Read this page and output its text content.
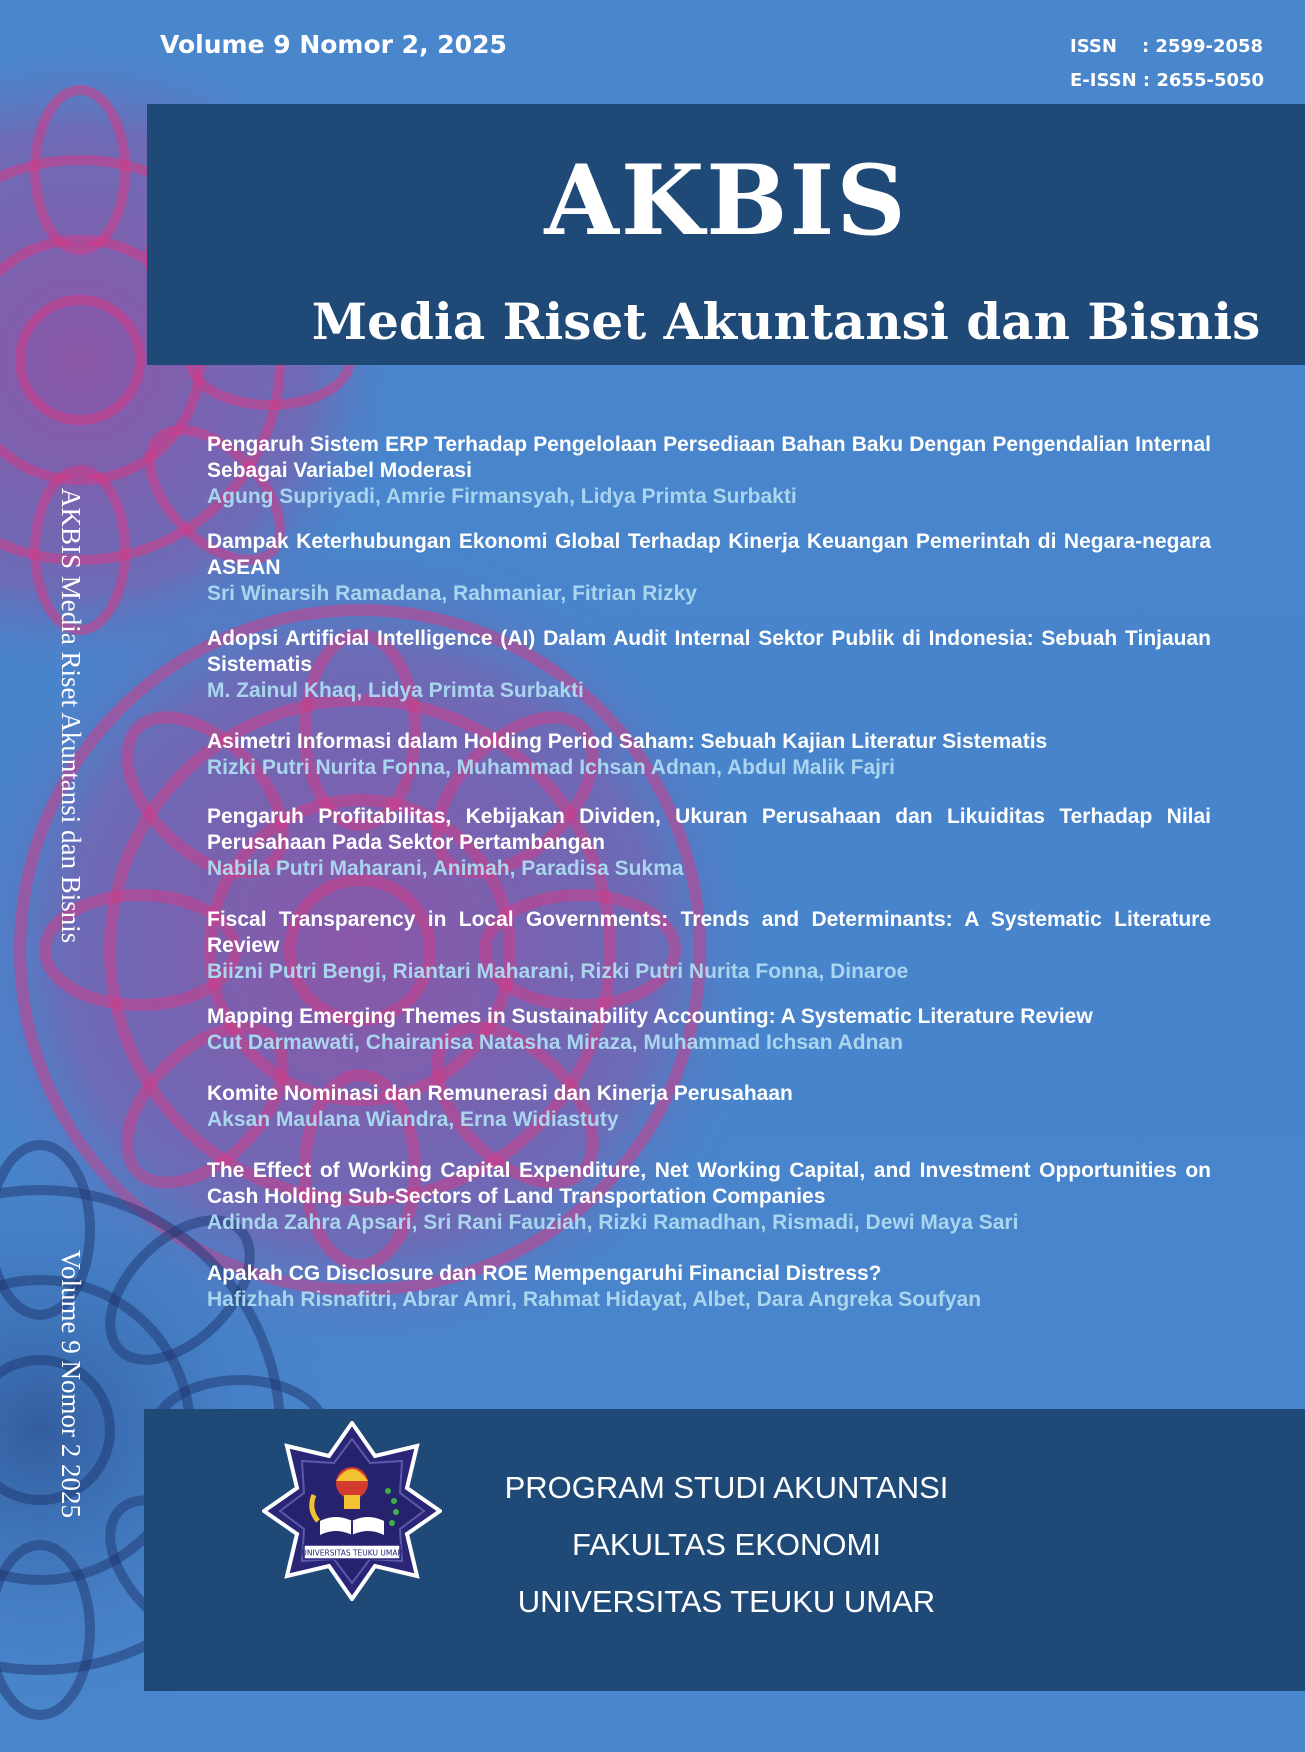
Volume 9 Nomor 2, 2025	ISSN    : 2599-2058
E-ISSN : 2655-5050
AKBIS
Media Riset Akuntansi dan Bisnis
AKBIS Media Riset Akuntansi dan Bisnis
Volume 9 Nomor 2 2025
Pengaruh Sistem ERP Terhadap Pengelolaan Persediaan Bahan Baku Dengan Pengendalian Internal Sebagai Variabel Moderasi
Agung Supriyadi, Amrie Firmansyah, Lidya Primta Surbakti
Dampak Keterhubungan Ekonomi Global Terhadap Kinerja Keuangan Pemerintah di Negara-negara ASEAN
Sri Winarsih Ramadana, Rahmaniar, Fitrian Rizky
Adopsi Artificial Intelligence (AI) Dalam Audit Internal Sektor Publik di Indonesia: Sebuah Tinjauan Sistematis
M. Zainul Khaq, Lidya Primta Surbakti
Asimetri Informasi dalam Holding Period Saham: Sebuah Kajian Literatur Sistematis
Rizki Putri Nurita Fonna, Muhammad Ichsan Adnan, Abdul Malik Fajri
Pengaruh Profitabilitas, Kebijakan Dividen, Ukuran Perusahaan dan Likuiditas Terhadap Nilai Perusahaan Pada Sektor Pertambangan
Nabila Putri Maharani, Animah, Paradisa Sukma
Fiscal Transparency in Local Governments: Trends and Determinants: A Systematic Literature Review
Biizni Putri Bengi, Riantari Maharani, Rizki Putri Nurita Fonna, Dinaroe
Mapping Emerging Themes in Sustainability Accounting: A Systematic Literature Review
Cut Darmawati, Chairanisa Natasha Miraza, Muhammad Ichsan Adnan
Komite Nominasi dan Remunerasi dan Kinerja Perusahaan
Aksan Maulana Wiandra, Erna Widiastuty
The Effect of Working Capital Expenditure, Net Working Capital, and Investment Opportunities on Cash Holding Sub-Sectors of Land Transportation Companies
Adinda Zahra Apsari, Sri Rani Fauziah, Rizki Ramadhan, Rismadi, Dewi Maya Sari
Apakah CG Disclosure dan ROE Mempengaruhi Financial Distress?
Hafizhah Risnafitri, Abrar Amri, Rahmat Hidayat, Albet, Dara Angreka Soufyan
UNIVERSITAS TEUKU UMAR
PROGRAM STUDI AKUNTANSI
FAKULTAS EKONOMI
UNIVERSITAS TEUKU UMAR
